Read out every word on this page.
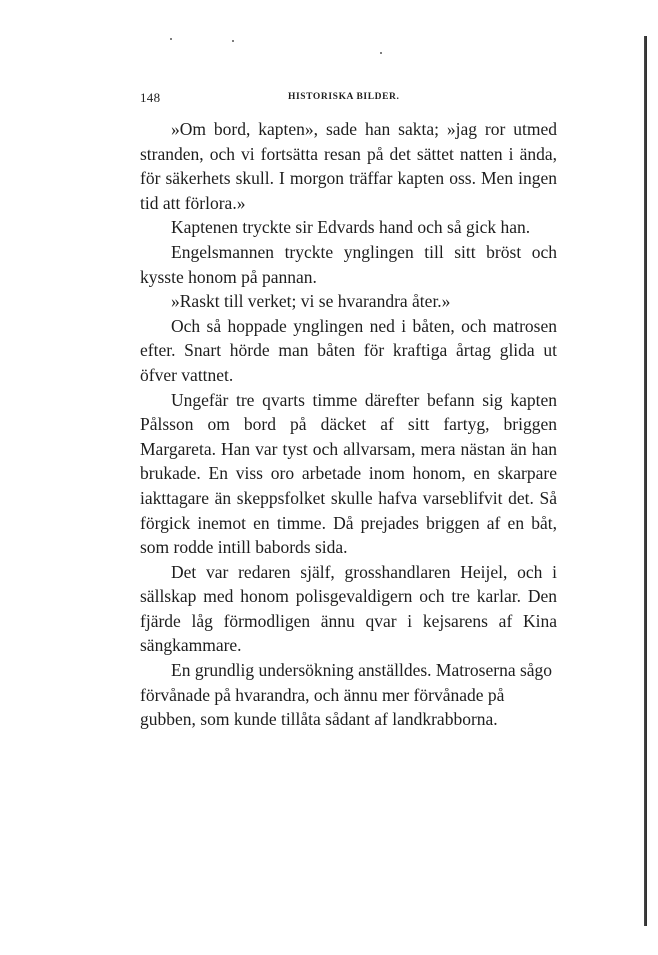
148	HISTORISKA BILDER.

»Om bord, kapten», sade han sakta; »jag ror utmed stranden, och vi fortsätta resan på det sättet natten i ända, för säkerhets skull. I morgon träffar kapten oss. Men ingen tid att förlora.»

Kaptenen tryckte sir Edvards hand och så gick han.

Engelsmannen tryckte ynglingen till sitt bröst och kysste honom på pannan.

»Raskt till verket; vi se hvarandra åter.»

Och så hoppade ynglingen ned i båten, och matrosen efter. Snart hörde man båten för kraftiga årtag glida ut öfver vattnet.

Ungefär tre qvarts timme därefter befann sig kapten Pålsson om bord på däcket af sitt fartyg, briggen Margareta. Han var tyst och allvarsam, mera nästan än han brukade. En viss oro arbetade inom honom, en skarpare iakttagare än skeppsfolket skulle hafva varseblifvit det. Så förgick inemot en timme. Då prejades briggen af en båt, som rodde intill babords sida.

Det var redaren själf, grosshandlaren Heijel, och i sällskap med honom polisgevaldigern och tre karlar. Den fjärde låg förmodligen ännu qvar i kejsarens af Kina sängkammare.

En grundlig undersökning anställdes. Matroserna sågo förvånade på hvarandra, och ännu mer förvånade på gubben, som kunde tillåta sådant af landkrabborna.
